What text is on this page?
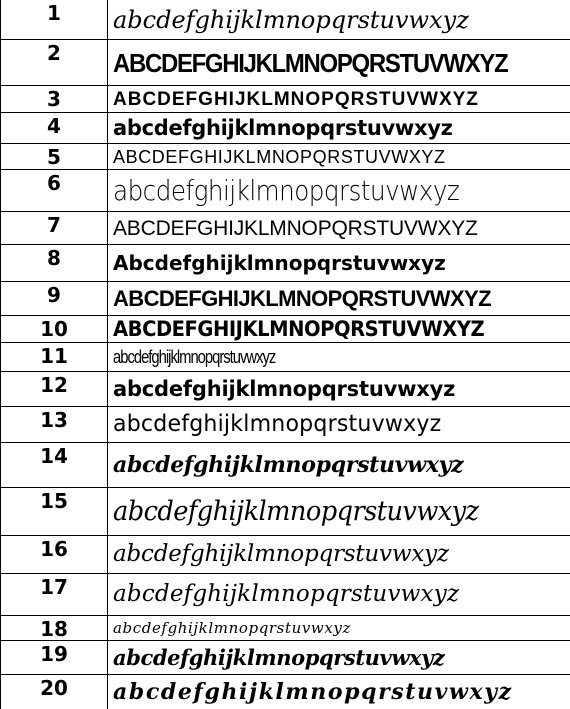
1	abcdefghijklmnopqrstuvwxyz
2	ABCDEFGHIJKLMNOPQRSTUVWXYZ
3	ABCDEFGHIJKLMNOPQRSTUVWXYZ
4	abcdefghijklmnopqrstuvwxyz
5	ABCDEFGHIJKLMNOPQRSTUVWXYZ
6	abcdefghijklmnopqrstuvwxyz
7	ABCDEFGHIJKLMNOPQRSTUVWXYZ
8	Abcdefghijklmnopqrstuvwxyz
9	ABCDEFGHIJKLMNOPQRSTUVWXYZ
10	ABCDEFGHIJKLMNOPQRSTUVWXYZ
11	abcdefghijklmnopqrstuvwxyz
12	abcdefghijklmnopqrstuvwxyz
13	abcdefghijklmnopqrstuvwxyz
14	abcdefghijklmnopqrstuvwxyz
15	abcdefghijklmnopqrstuvwxyz
16	abcdefghijklmnopqrstuvwxyz
17	abcdefghijklmnopqrstuvwxyz
18	abcdefghijklmnopqrstuvwxyz
19	abcdefghijklmnopqrstuvwxyz
20	abcdefghijklmnopqrstuvwxyz
